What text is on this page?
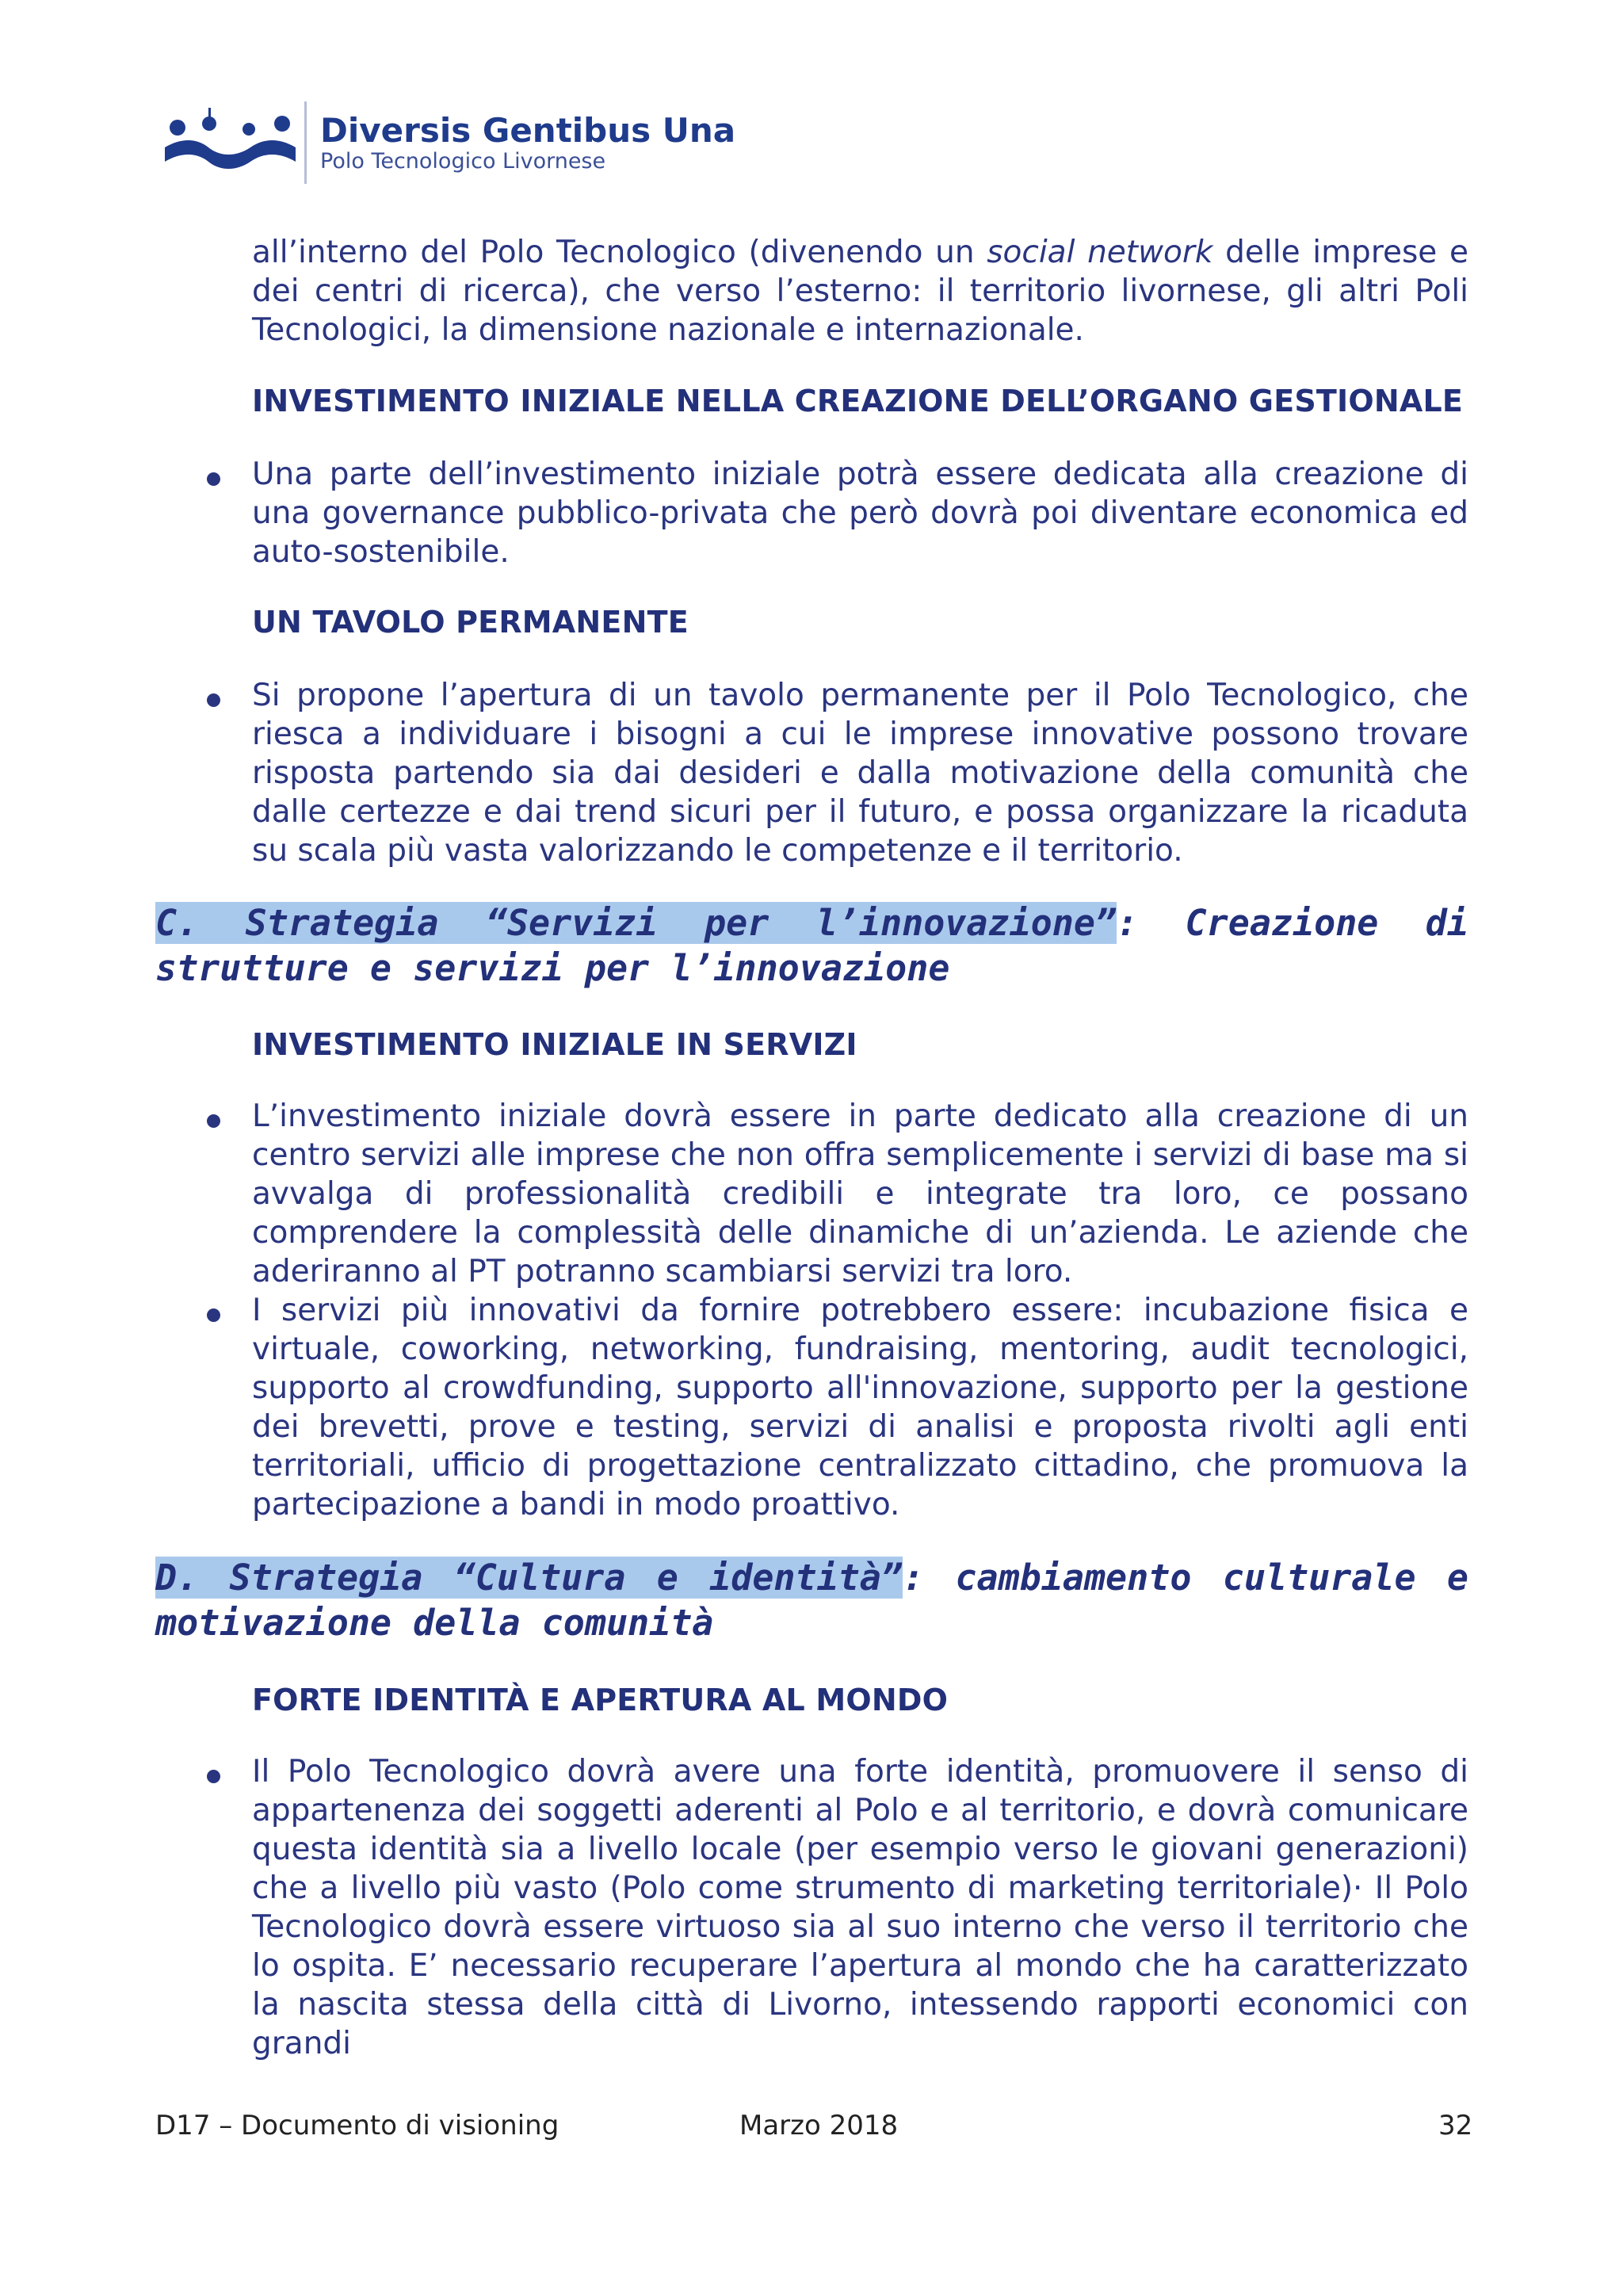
Diversis Gentibus Una
Polo Tecnologico Livornese
all’interno del Polo Tecnologico (divenendo un social network delle imprese e dei centri di ricerca), che verso l’esterno: il territorio livornese, gli altri Poli Tecnologici, la dimensione nazionale e internazionale.
INVESTIMENTO INIZIALE NELLA CREAZIONE DELL’ORGANO GESTIONALE
Una parte dell’investimento iniziale potrà essere dedicata alla creazione di una governance pubblico-privata che però dovrà poi diventare economica ed auto-sostenibile.
UN TAVOLO PERMANENTE
Si propone l’apertura di un tavolo permanente per il Polo Tecnologico, che riesca a individuare i bisogni a cui le imprese innovative possono trovare risposta partendo sia dai desideri e dalla motivazione della comunità che dalle certezze e dai trend sicuri per il futuro, e possa organizzare la ricaduta su scala più vasta valorizzando le competenze e il territorio.
C. Strategia “Servizi per l’innovazione”: Creazione di strutture e servizi per l’innovazione
INVESTIMENTO INIZIALE IN SERVIZI
L’investimento iniziale dovrà essere in parte dedicato alla creazione di un centro servizi alle imprese che non offra semplicemente i servizi di base ma si avvalga di professionalità credibili e integrate tra loro, ce possano comprendere la complessità delle dinamiche di un’azienda. Le aziende che aderiranno al PT potranno scambiarsi servizi tra loro.
I servizi più innovativi da fornire potrebbero essere: incubazione fisica e virtuale, coworking, networking, fundraising, mentoring, audit tecnologici, supporto al crowdfunding, supporto all'innovazione, supporto per la gestione dei brevetti, prove e testing, servizi di analisi e proposta rivolti agli enti territoriali, ufficio di progettazione centralizzato cittadino, che promuova la partecipazione a bandi in modo proattivo.
D. Strategia “Cultura e identità”: cambiamento culturale e motivazione della comunità
FORTE IDENTITÀ E APERTURA AL MONDO
Il Polo Tecnologico dovrà avere una forte identità, promuovere il senso di appartenenza dei soggetti aderenti al Polo e al territorio, e dovrà comunicare questa identità sia a livello locale (per esempio verso le giovani generazioni) che a livello più vasto (Polo come strumento di marketing territoriale)· Il Polo Tecnologico dovrà essere virtuoso sia al suo interno che verso il territorio che lo ospita. E’ necessario recuperare l’apertura al mondo che ha caratterizzato la nascita stessa della città di Livorno, intessendo rapporti economici con grandi
D17 – Documento di visioning	Marzo 2018	32
